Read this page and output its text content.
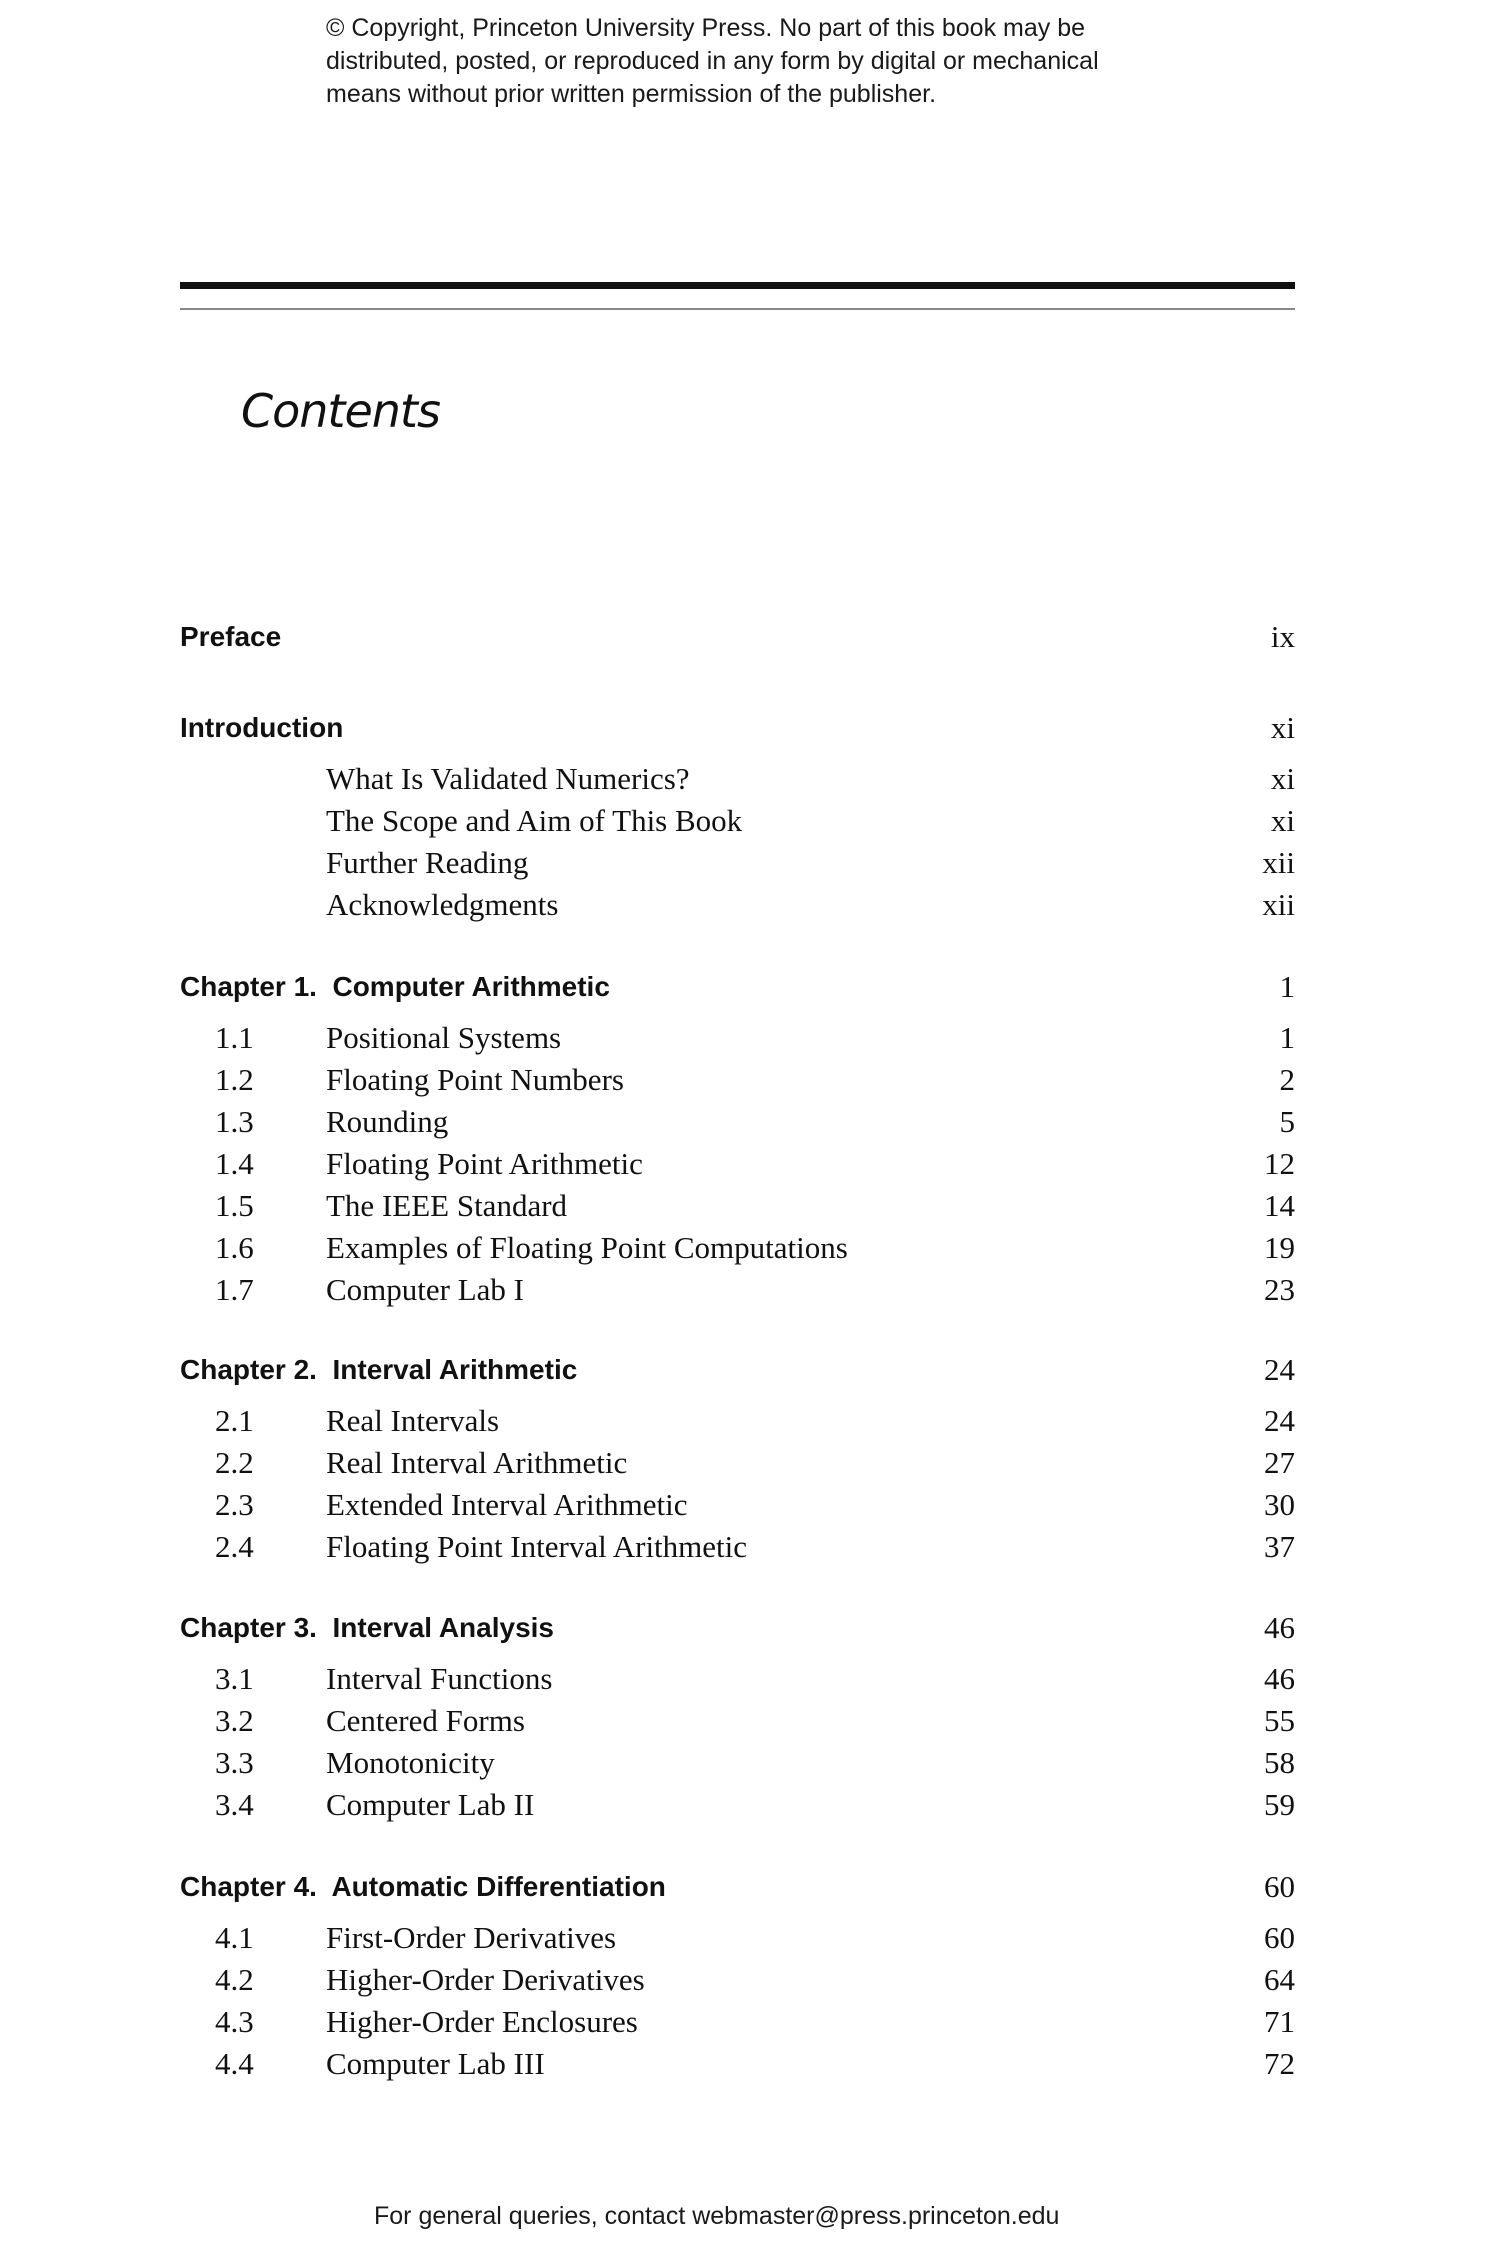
© Copyright, Princeton University Press. No part of this book may be
distributed, posted, or reproduced in any form by digital or mechanical
means without prior written permission of the publisher.
Contents
Preface	ix
Introduction	xi
What Is Validated Numerics?	xi
The Scope and Aim of This Book	xi
Further Reading	xii
Acknowledgments	xii
Chapter 1.  Computer Arithmetic	1
1.1 Positional Systems	1
1.2 Floating Point Numbers	2
1.3 Rounding	5
1.4 Floating Point Arithmetic	12
1.5 The IEEE Standard	14
1.6 Examples of Floating Point Computations	19
1.7 Computer Lab I	23
Chapter 2.  Interval Arithmetic	24
2.1 Real Intervals	24
2.2 Real Interval Arithmetic	27
2.3 Extended Interval Arithmetic	30
2.4 Floating Point Interval Arithmetic	37
Chapter 3.  Interval Analysis	46
3.1 Interval Functions	46
3.2 Centered Forms	55
3.3 Monotonicity	58
3.4 Computer Lab II	59
Chapter 4.  Automatic Differentiation	60
4.1 First-Order Derivatives	60
4.2 Higher-Order Derivatives	64
4.3 Higher-Order Enclosures	71
4.4 Computer Lab III	72
For general queries, contact webmaster@press.princeton.edu
